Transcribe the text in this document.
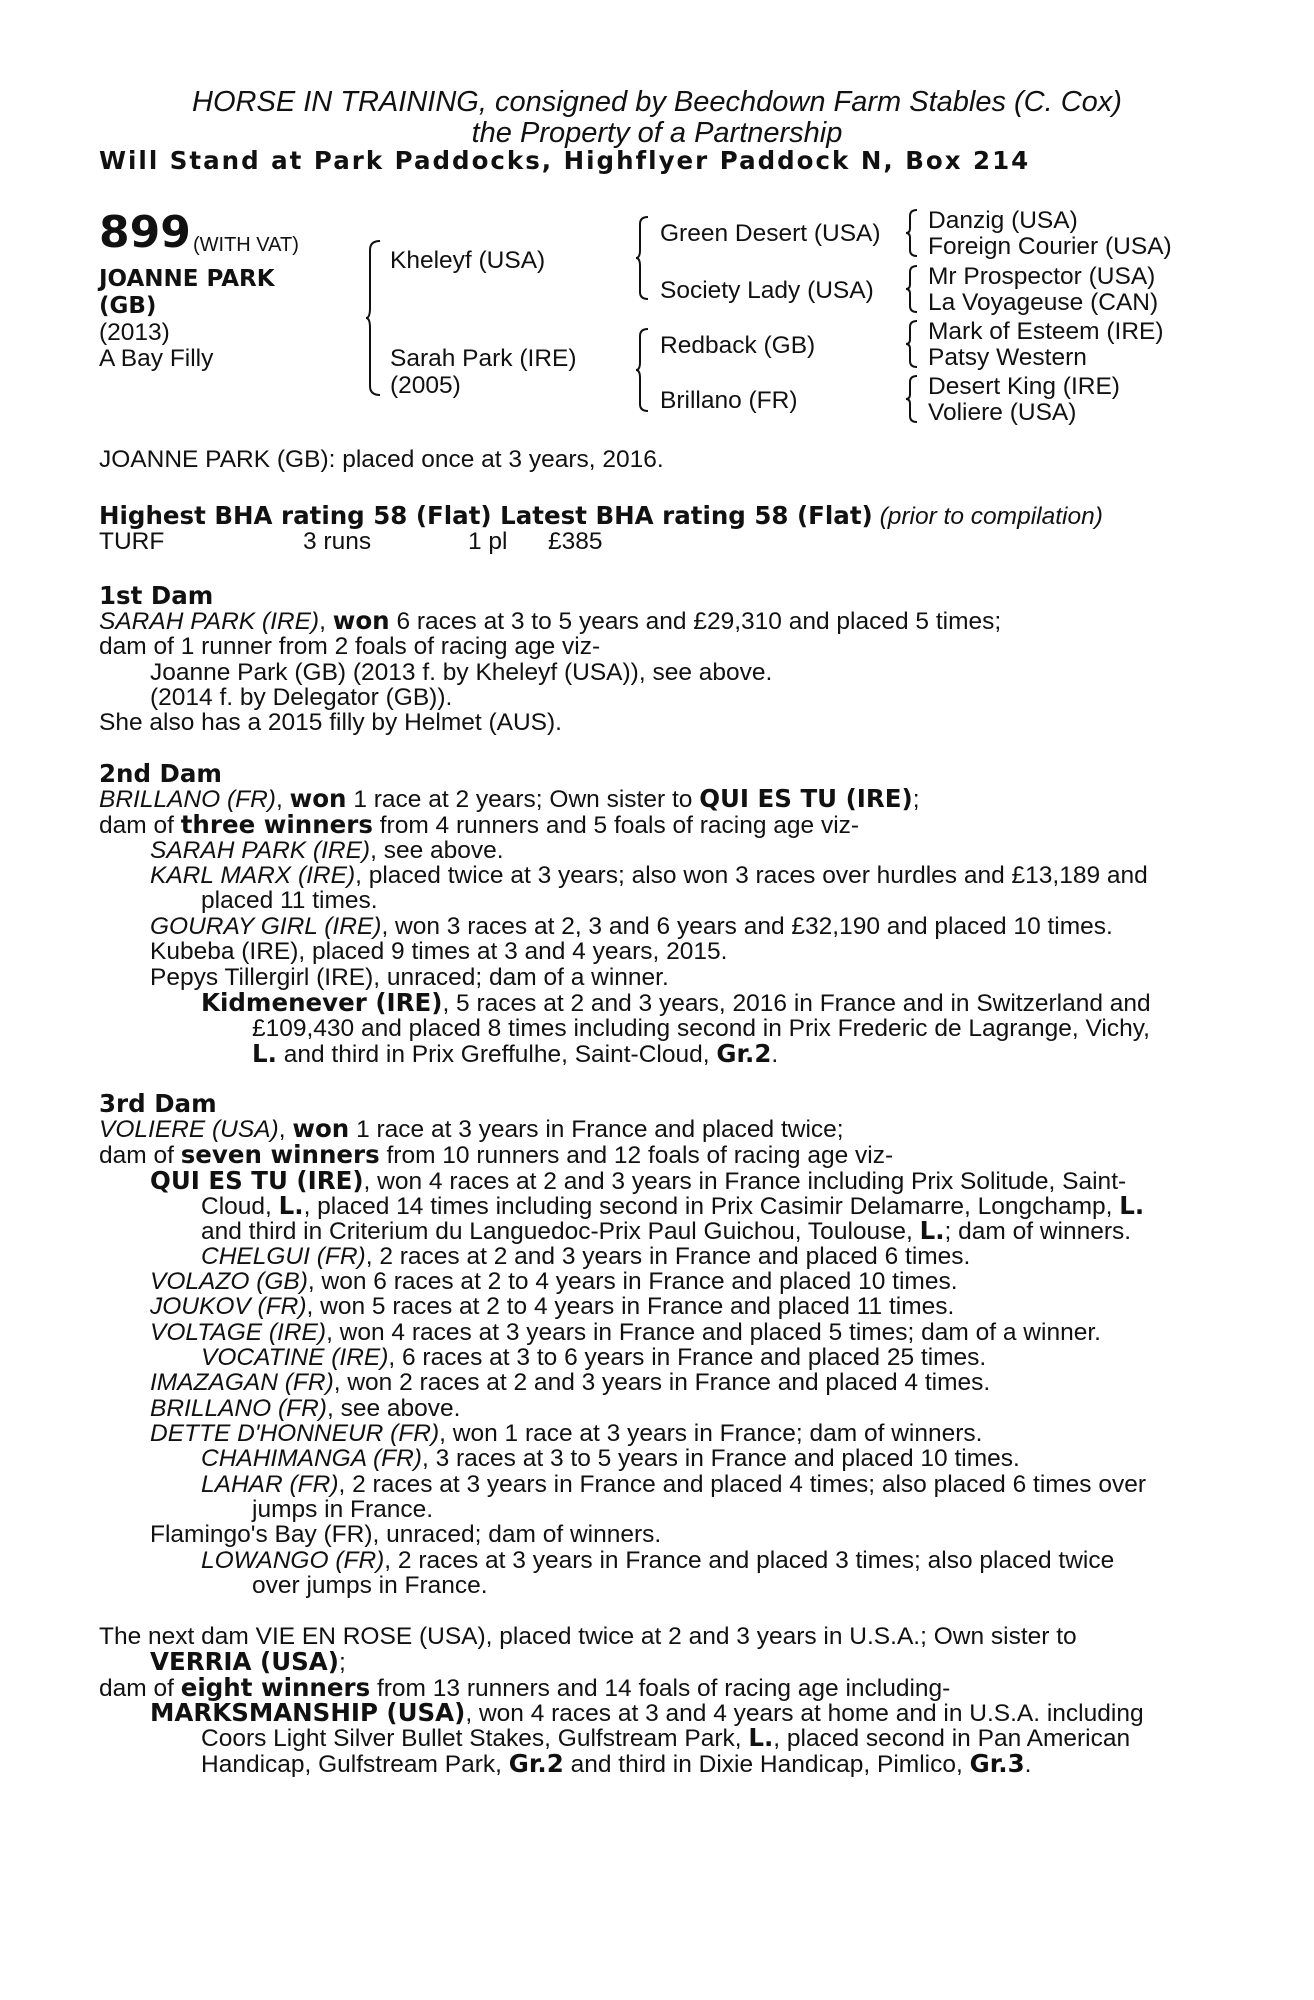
HORSE IN TRAINING, consigned by Beechdown Farm Stables (C. Cox)
the Property of a Partnership
Will Stand at Park Paddocks, Highflyer Paddock N, Box 214
899 (WITH VAT)
JOANNE PARK
(GB)
(2013)
A Bay Filly
Kheleyf (USA)
Sarah Park (IRE)
(2005)
Green Desert (USA)
Society Lady (USA)
Redback (GB)
Brillano (FR)
Danzig (USA)
Foreign Courier (USA)
Mr Prospector (USA)
La Voyageuse (CAN)
Mark of Esteem (IRE)
Patsy Western
Desert King (IRE)
Voliere (USA)
JOANNE PARK (GB): placed once at 3 years, 2016.
Highest BHA rating 58 (Flat) Latest BHA rating 58 (Flat) (prior to compilation)
TURF	3 runs	1 pl £385
1st Dam
SARAH PARK (IRE), won 6 races at 3 to 5 years and £29,310 and placed 5 times;
dam of 1 runner from 2 foals of racing age viz-
Joanne Park (GB) (2013 f. by Kheleyf (USA)), see above.
(2014 f. by Delegator (GB)).
She also has a 2015 filly by Helmet (AUS).
2nd Dam
BRILLANO (FR), won 1 race at 2 years; Own sister to QUI ES TU (IRE);
dam of three winners from 4 runners and 5 foals of racing age viz-
SARAH PARK (IRE), see above.
KARL MARX (IRE), placed twice at 3 years; also won 3 races over hurdles and £13,189 and
placed 11 times.
GOURAY GIRL (IRE), won 3 races at 2, 3 and 6 years and £32,190 and placed 10 times.
Kubeba (IRE), placed 9 times at 3 and 4 years, 2015.
Pepys Tillergirl (IRE), unraced; dam of a winner.
Kidmenever (IRE), 5 races at 2 and 3 years, 2016 in France and in Switzerland and
£109,430 and placed 8 times including second in Prix Frederic de Lagrange, Vichy,
L. and third in Prix Greffulhe, Saint-Cloud, Gr.2.
3rd Dam
VOLIERE (USA), won 1 race at 3 years in France and placed twice;
dam of seven winners from 10 runners and 12 foals of racing age viz-
QUI ES TU (IRE), won 4 races at 2 and 3 years in France including Prix Solitude, Saint-
Cloud, L., placed 14 times including second in Prix Casimir Delamarre, Longchamp, L.
and third in Criterium du Languedoc-Prix Paul Guichou, Toulouse, L.; dam of winners.
CHELGUI (FR), 2 races at 2 and 3 years in France and placed 6 times.
VOLAZO (GB), won 6 races at 2 to 4 years in France and placed 10 times.
JOUKOV (FR), won 5 races at 2 to 4 years in France and placed 11 times.
VOLTAGE (IRE), won 4 races at 3 years in France and placed 5 times; dam of a winner.
VOCATINE (IRE), 6 races at 3 to 6 years in France and placed 25 times.
IMAZAGAN (FR), won 2 races at 2 and 3 years in France and placed 4 times.
BRILLANO (FR), see above.
DETTE D'HONNEUR (FR), won 1 race at 3 years in France; dam of winners.
CHAHIMANGA (FR), 3 races at 3 to 5 years in France and placed 10 times.
LAHAR (FR), 2 races at 3 years in France and placed 4 times; also placed 6 times over
jumps in France.
Flamingo's Bay (FR), unraced; dam of winners.
LOWANGO (FR), 2 races at 3 years in France and placed 3 times; also placed twice
over jumps in France.
The next dam VIE EN ROSE (USA), placed twice at 2 and 3 years in U.S.A.; Own sister to
VERRIA (USA);
dam of eight winners from 13 runners and 14 foals of racing age including-
MARKSMANSHIP (USA), won 4 races at 3 and 4 years at home and in U.S.A. including
Coors Light Silver Bullet Stakes, Gulfstream Park, L., placed second in Pan American
Handicap, Gulfstream Park, Gr.2 and third in Dixie Handicap, Pimlico, Gr.3.
